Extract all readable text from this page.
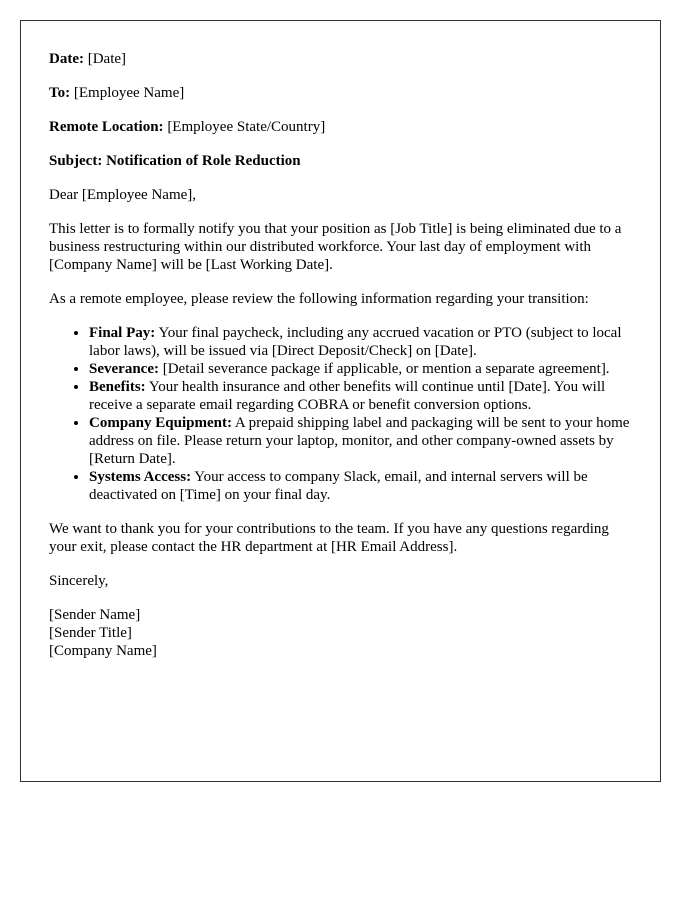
Date: [Date]

To: [Employee Name]

Remote Location: [Employee State/Country]

Subject: Notification of Role Reduction

Dear [Employee Name],

This letter is to formally notify you that your position as [Job Title] is being eliminated due to a business restructuring within our distributed workforce. Your last day of employment with [Company Name] will be [Last Working Date].

As a remote employee, please review the following information regarding your transition:

• Final Pay: Your final paycheck, including any accrued vacation or PTO (subject to local labor laws), will be issued via [Direct Deposit/Check] on [Date].
• Severance: [Detail severance package if applicable, or mention a separate agreement].
• Benefits: Your health insurance and other benefits will continue until [Date]. You will receive a separate email regarding COBRA or benefit conversion options.
• Company Equipment: A prepaid shipping label and packaging will be sent to your home address on file. Please return your laptop, monitor, and other company-owned assets by [Return Date].
• Systems Access: Your access to company Slack, email, and internal servers will be deactivated on [Time] on your final day.

We want to thank you for your contributions to the team. If you have any questions regarding your exit, please contact the HR department at [HR Email Address].

Sincerely,

[Sender Name]

[Sender Title]

[Company Name]
